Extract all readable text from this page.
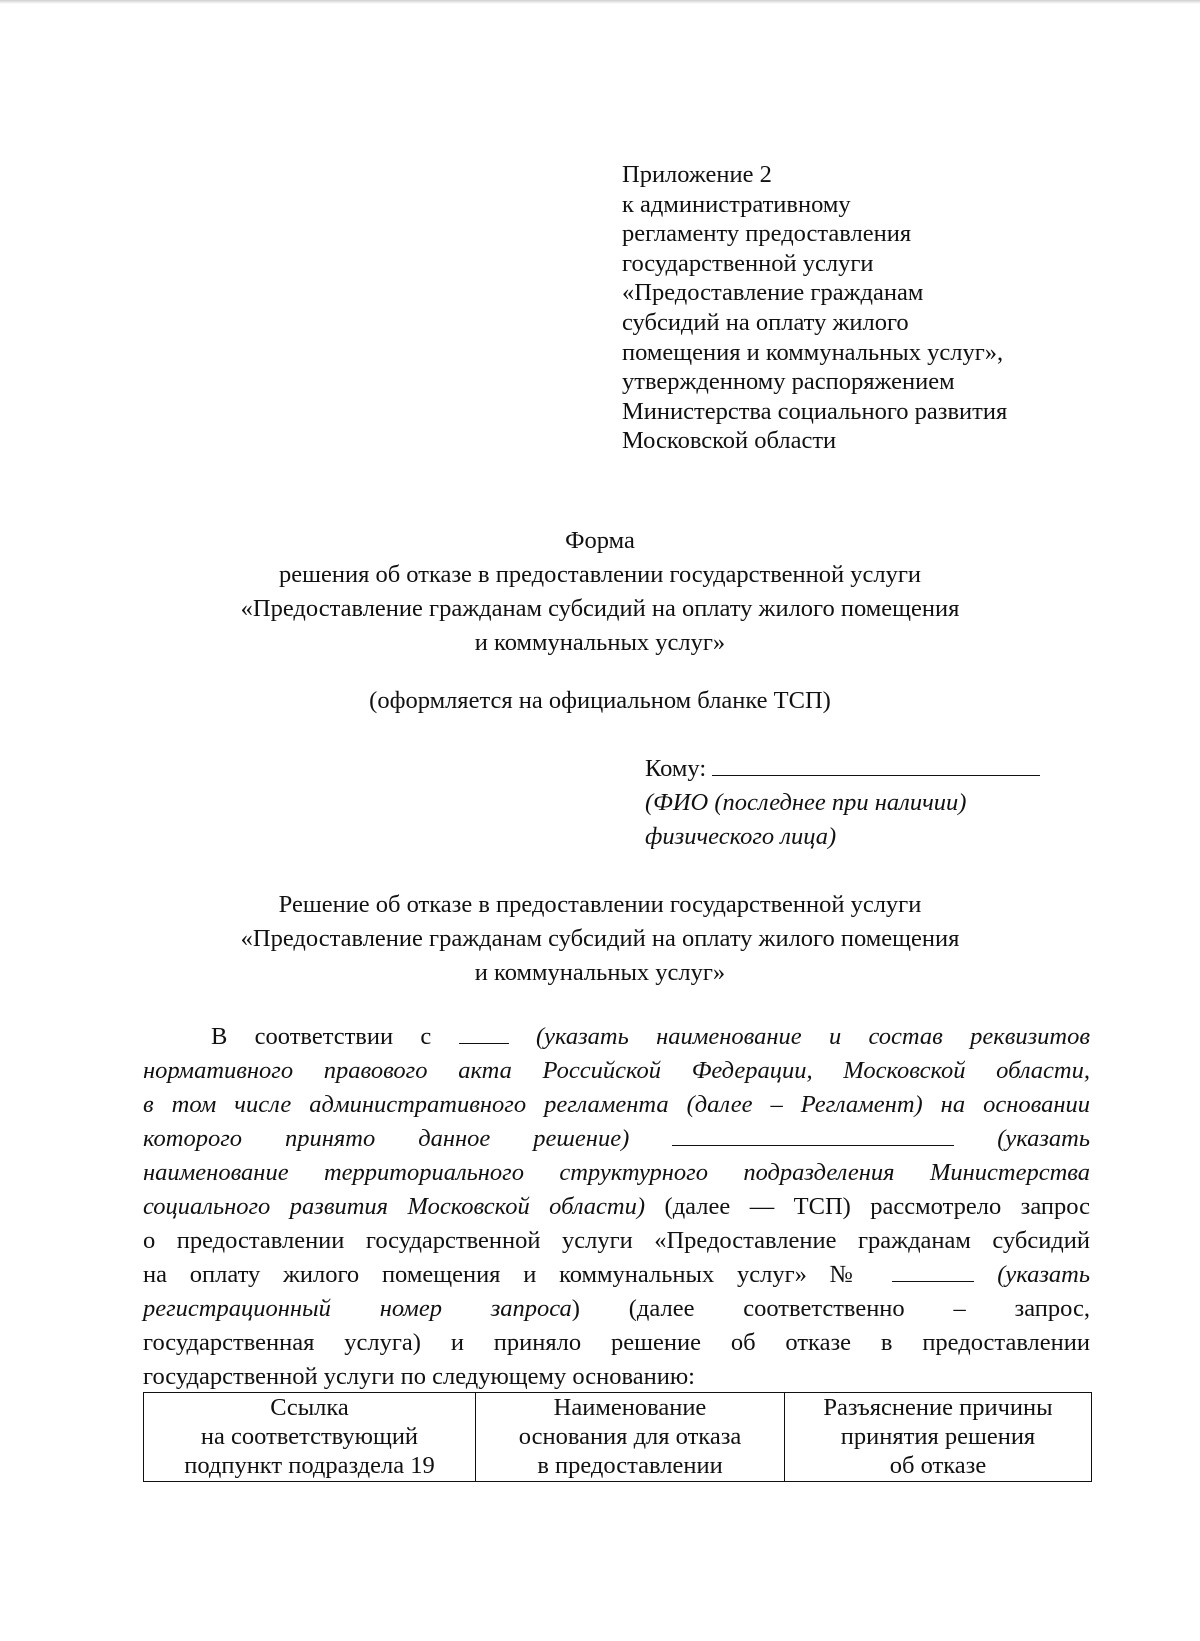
Приложение 2
к административному
регламенту предоставления
государственной услуги
«Предоставление гражданам
субсидий на оплату жилого
помещения и коммунальных услуг»,
утвержденному распоряжением
Министерства социального развития
Московской области
Форма
решения об отказе в предоставлении государственной услуги
«Предоставление гражданам субсидий на оплату жилого помещения
и коммунальных услуг»
(оформляется на официальном бланке ТСП)
Кому:
(ФИО (последнее при наличии)
физического лица)
Решение об отказе в предоставлении государственной услуги
«Предоставление гражданам субсидий на оплату жилого помещения
и коммунальных услуг»
В соответствии с	(указать наименование и состав реквизитов
нормативного правового акта Российской Федерации, Московской области,
в том числе административного регламента (далее – Регламент) на основании
которого принято данное решение)	(указать
наименование территориального структурного подразделения Министерства
социального развития Московской области) (далее — ТСП) рассмотрело запрос
о предоставлении государственной услуги «Предоставление гражданам субсидий
на оплату жилого помещения и коммунальных услуг» №	(указать
регистрационный номер запроса) (далее соответственно – запрос,
государственная услуга) и приняло решение об отказе в предоставлении
государственной услуги по следующему основанию:
Ссылка
на соответствующий
подпункт подраздела 19

Наименование
основания для отказа
в предоставлении

Разъяснение причины
принятия решения
об отказе
